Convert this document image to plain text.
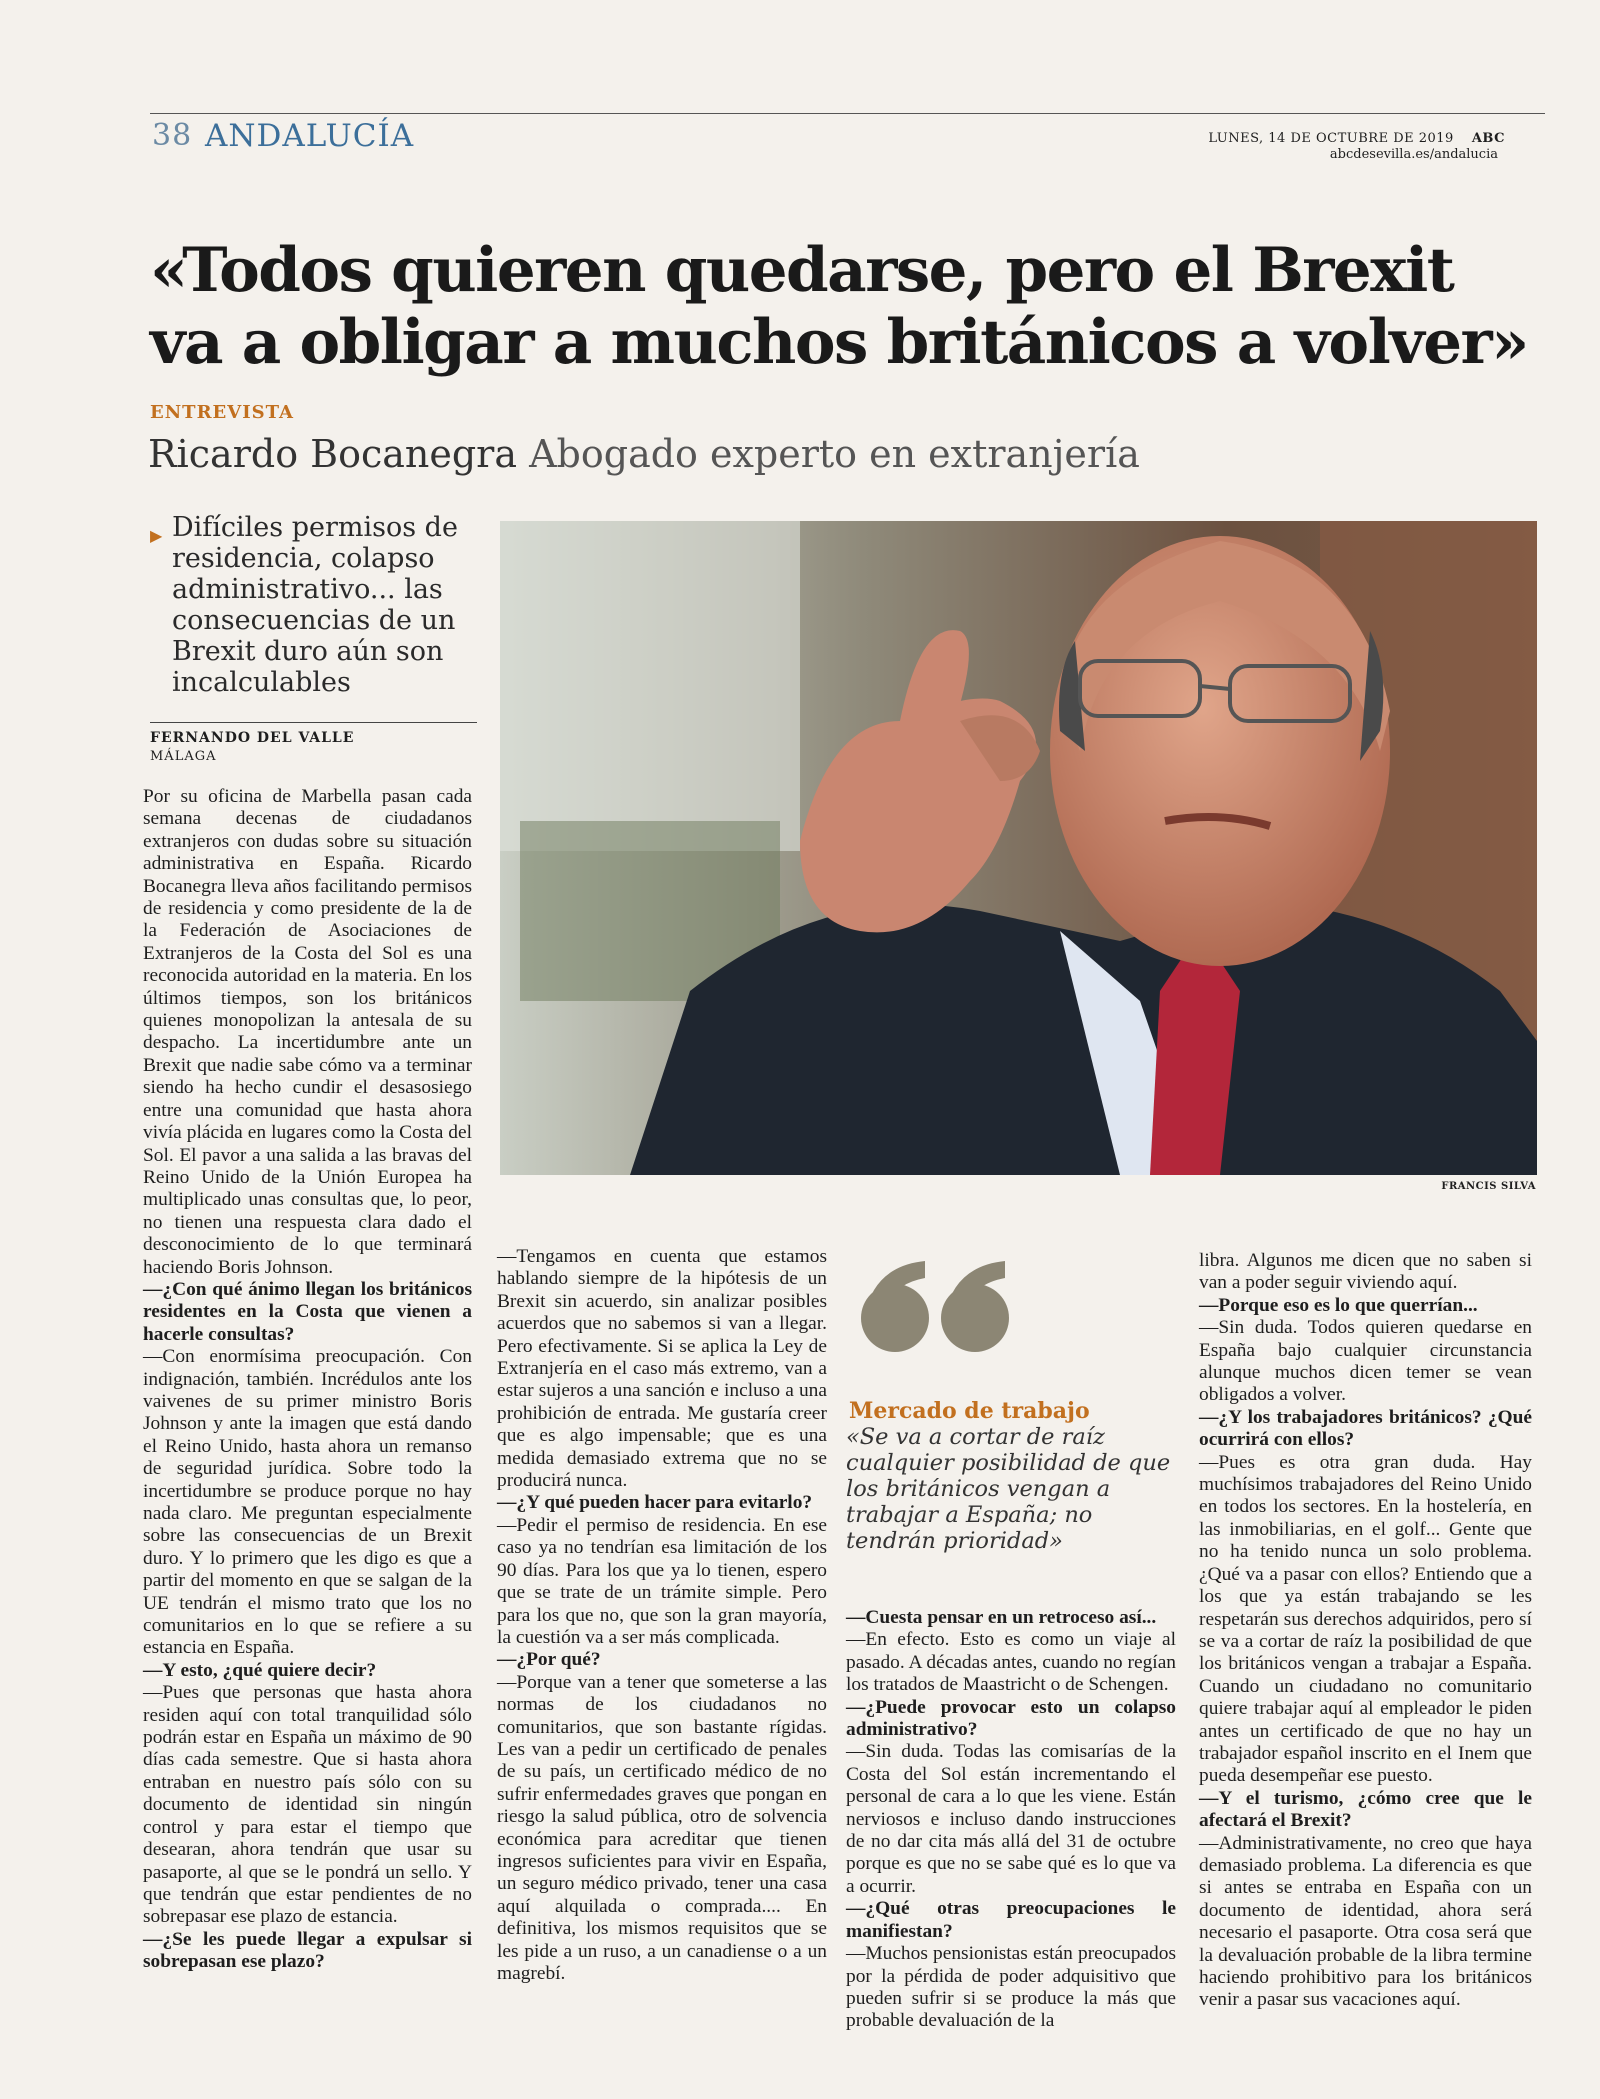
38 ANDALUCÍA	LUNES, 14 DE OCTUBRE DE 2019 ABC
abcdesevilla.es/andalucia
«Todos quieren quedarse, pero el Brexit
va a obligar a muchos británicos a volver»
ENTREVISTA
Ricardo Bocanegra Abogado experto en extranjería
▶ Difíciles permisos de residencia, colapso administrativo... las consecuencias de un Brexit duro aún son incalculables
FERNANDO DEL VALLE
MÁLAGA
FRANCIS SILVA
Mercado de trabajo
«Se va a cortar de raíz cualquier posibilidad de que los británicos vengan a trabajar a España; no tendrán prioridad»

Por su oficina de Marbella pasan cada semana decenas de ciudadanos extranjeros con dudas sobre su situación administrativa en España. Ricardo Bocanegra lleva años facilitando permisos de residencia y como presidente de la de la Federación de Asociaciones de Extranjeros de la Costa del Sol es una reconocida autoridad en la materia. En los últimos tiempos, son los británicos quienes monopolizan la antesala de su despacho. La incertidumbre ante un Brexit que nadie sabe cómo va a terminar siendo ha hecho cundir el desasosiego entre una comunidad que hasta ahora vivía plácida en lugares como la Costa del Sol. El pavor a una salida a las bravas del Reino Unido de la Unión Europea ha multiplicado unas consultas que, lo peor, no tienen una respuesta clara dado el desconocimiento de lo que terminará haciendo Boris Johnson.

—¿Con qué ánimo llegan los británicos residentes en la Costa que vienen a hacerle consultas?

—Con enormísima preocupación. Con indignación, también. Incrédulos ante los vaivenes de su primer ministro Boris Johnson y ante la imagen que está dando el Reino Unido, hasta ahora un remanso de seguridad jurídica. Sobre todo la incertidumbre se produce porque no hay nada claro. Me preguntan especialmente sobre las consecuencias de un Brexit duro. Y lo primero que les digo es que a partir del momento en que se salgan de la UE tendrán el mismo trato que los no comunitarios en lo que se refiere a su estancia en España.

—Y esto, ¿qué quiere decir?

—Pues que personas que hasta ahora residen aquí con total tranquilidad sólo podrán estar en España un máximo de 90 días cada semestre. Que si hasta ahora entraban en nuestro país sólo con su documento de identidad sin ningún control y para estar el tiempo que desearan, ahora tendrán que usar su pasaporte, al que se le pondrá un sello. Y que tendrán que estar pendientes de no sobrepasar ese plazo de estancia.

—¿Se les puede llegar a expulsar si sobrepasan ese plazo?

—Tengamos en cuenta que estamos hablando siempre de la hipótesis de un Brexit sin acuerdo, sin analizar posibles acuerdos que no sabemos si van a llegar. Pero efectivamente. Si se aplica la Ley de Extranjería en el caso más extremo, van a estar sujeros a una sanción e incluso a una prohibición de entrada. Me gustaría creer que es algo impensable; que es una medida demasiado extrema que no se producirá nunca.

—¿Y qué pueden hacer para evitarlo?

—Pedir el permiso de residencia. En ese caso ya no tendrían esa limitación de los 90 días. Para los que ya lo tienen, espero que se trate de un trámite simple. Pero para los que no, que son la gran mayoría, la cuestión va a ser más complicada.

—¿Por qué?

—Porque van a tener que someterse a las normas de los ciudadanos no comunitarios, que son bastante rígidas. Les van a pedir un certificado de penales de su país, un certificado médico de no sufrir enfermedades graves que pongan en riesgo la salud pública, otro de solvencia económica para acreditar que tienen ingresos suficientes para vivir en España, un seguro médico privado, tener una casa aquí alquilada o comprada.... En definitiva, los mismos requisitos que se les pide a un ruso, a un canadiense o a un magrebí.

—Cuesta pensar en un retroceso así...

—En efecto. Esto es como un viaje al pasado. A décadas antes, cuando no regían los tratados de Maastricht o de Schengen.

—¿Puede provocar esto un colapso administrativo?

—Sin duda. Todas las comisarías de la Costa del Sol están incrementando el personal de cara a lo que les viene. Están nerviosos e incluso dando instrucciones de no dar cita más allá del 31 de octubre porque es que no se sabe qué es lo que va a ocurrir.

—¿Qué otras preocupaciones le manifiestan?

—Muchos pensionistas están preocupados por la pérdida de poder adquisitivo que pueden sufrir si se produce la más que probable devaluación de la

libra. Algunos me dicen que no saben si van a poder seguir viviendo aquí.

—Porque eso es lo que querrían...

—Sin duda. Todos quieren quedarse en España bajo cualquier circunstancia alunque muchos dicen temer se vean obligados a volver.

—¿Y los trabajadores británicos? ¿Qué ocurrirá con ellos?

—Pues es otra gran duda. Hay muchísimos trabajadores del Reino Unido en todos los sectores. En la hostelería, en las inmobiliarias, en el golf... Gente que no ha tenido nunca un solo problema. ¿Qué va a pasar con ellos? Entiendo que a los que ya están trabajando se les respetarán sus derechos adquiridos, pero sí se va a cortar de raíz la posibilidad de que los británicos vengan a trabajar a España. Cuando un ciudadano no comunitario quiere trabajar aquí al empleador le piden antes un certificado de que no hay un trabajador español inscrito en el Inem que pueda desempeñar ese puesto.

—Y el turismo, ¿cómo cree que le afectará el Brexit?

—Administrativamente, no creo que haya demasiado problema. La diferencia es que si antes se entraba en España con un documento de identidad, ahora será necesario el pasaporte. Otra cosa será que la devaluación probable de la libra termine haciendo prohibitivo para los británicos venir a pasar sus vacaciones aquí.
